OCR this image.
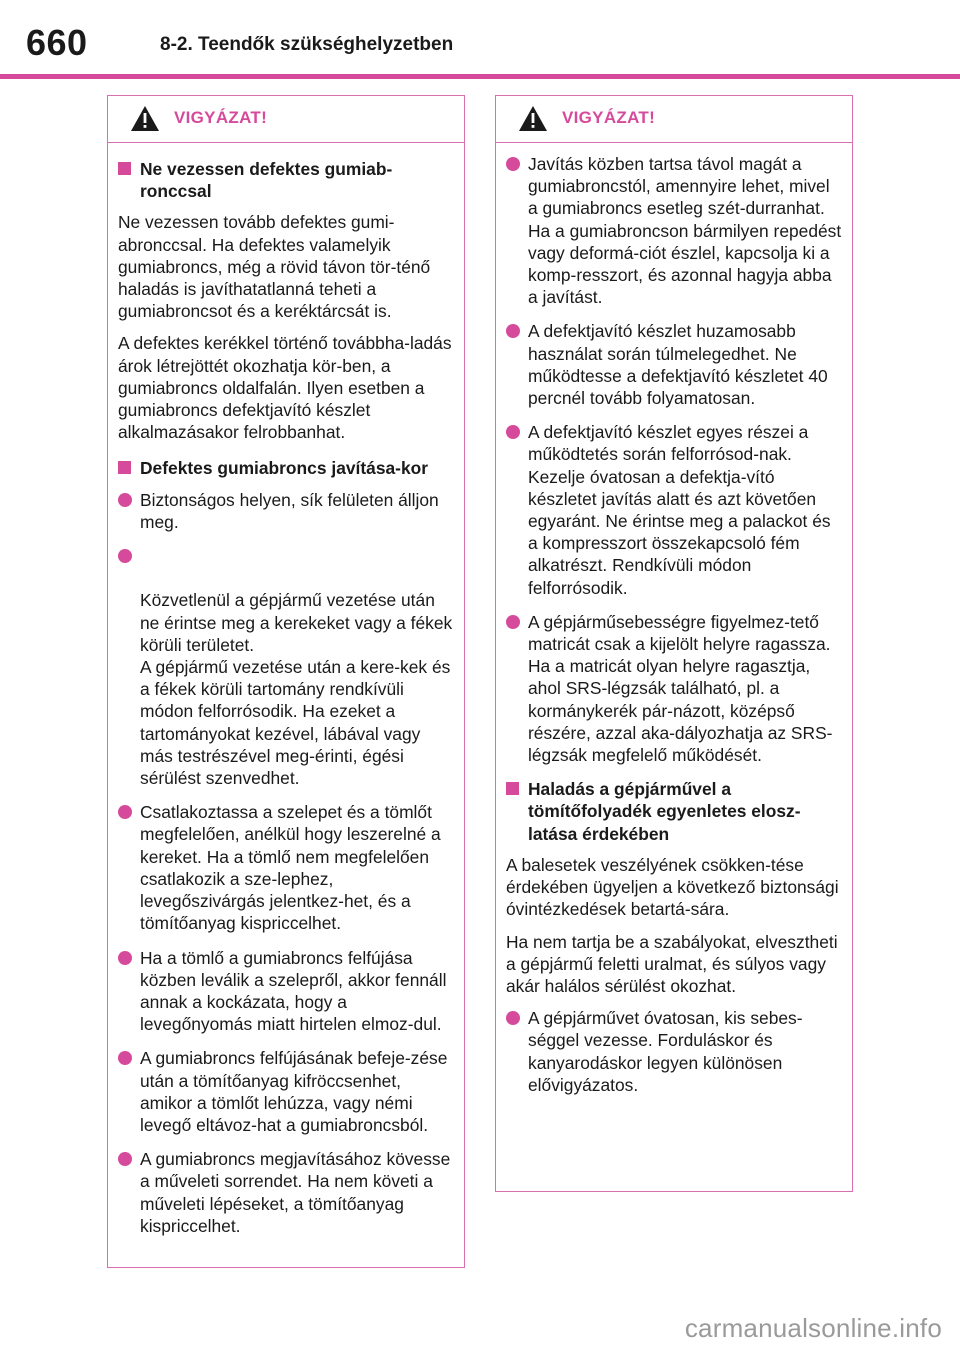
660	8-2. Teendők szükséghelyzetben
VIGYÁZAT!
Ne vezessen defektes gumiab-ronccsal

Ne vezessen tovább defektes gumi-abronccsal. Ha defektes valamelyik gumiabroncs, még a rövid távon tör-ténő haladás is javíthatatlanná teheti a gumiabroncsot és a keréktárcsát is.

A defektes kerékkel történő továbbha-ladás árok létrejöttét okozhatja kör-ben, a gumiabroncs oldalfalán. Ilyen esetben a gumiabroncs defektjavító készlet alkalmazásakor felrobbanhat.

Defektes gumiabroncs javítása-kor
Biztonságos helyen, sík felületen álljon meg.

Közvetlenül a gépjármű vezetése után ne érintse meg a kerekeket vagy a fékek körüli területet.
A gépjármű vezetése után a kere-kek és a fékek körüli tartomány rendkívüli módon felforrósodik. Ha ezeket a tartományokat kezével, lábával vagy más testrészével meg-érinti, égési sérülést szenvedhet.

Csatlakoztassa a szelepet és a tömlőt megfelelően, anélkül hogy leszerelné a kereket. Ha a tömlő nem megfelelően csatlakozik a sze-lephez, levegőszivárgás jelentkez-het, és a tömítőanyag kispriccelhet.
Ha a tömlő a gumiabroncs felfújása közben leválik a szelepről, akkor fennáll annak a kockázata, hogy a levegőnyomás miatt hirtelen elmoz-dul.
A gumiabroncs felfújásának befeje-zése után a tömítőanyag kifröccsenhet, amikor a tömlőt lehúzza, vagy némi levegő eltávoz-hat a gumiabroncsból.
A gumiabroncs megjavításához kövesse a műveleti sorrendet. Ha nem követi a műveleti lépéseket, a tömítőanyag kispriccelhet.
VIGYÁZAT!
Javítás közben tartsa távol magát a gumiabroncstól, amennyire lehet, mivel a gumiabroncs esetleg szét-durranhat. Ha a gumiabroncson bármilyen repedést vagy deformá-ciót észlel, kapcsolja ki a komp-resszort, és azonnal hagyja abba a javítást.
A defektjavító készlet huzamosabb használat során túlmelegedhet. Ne működtesse a defektjavító készletet 40 percnél tovább folyamatosan.
A defektjavító készlet egyes részei a működtetés során felforrósod-nak. Kezelje óvatosan a defektja-vító készletet javítás alatt és azt követően egyaránt. Ne érintse meg a palackot és a kompresszort összekapcsoló fém alkatrészt. Rendkívüli módon felforrósodik.
A gépjárműsebességre figyelmez-tető matricát csak a kijelölt helyre ragassza. Ha a matricát olyan helyre ragasztja, ahol SRS-légzsák található, pl. a kormánykerék pár-názott, középső részére, azzal aka-dályozhatja az SRS-légzsák megfelelő működését.
Haladás a gépjárművel a tömítőfolyadék egyenletes elosz-latása érdekében

A balesetek veszélyének csökken-tése érdekében ügyeljen a következő biztonsági óvintézkedések betartá-sára.

Ha nem tartja be a szabályokat, elvesztheti a gépjármű feletti uralmat, és súlyos vagy akár halálos sérülést okozhat.

A gépjárművet óvatosan, kis sebes-séggel vezesse. Forduláskor és kanyarodáskor legyen különösen elővigyázatos.
carmanualsonline.info
